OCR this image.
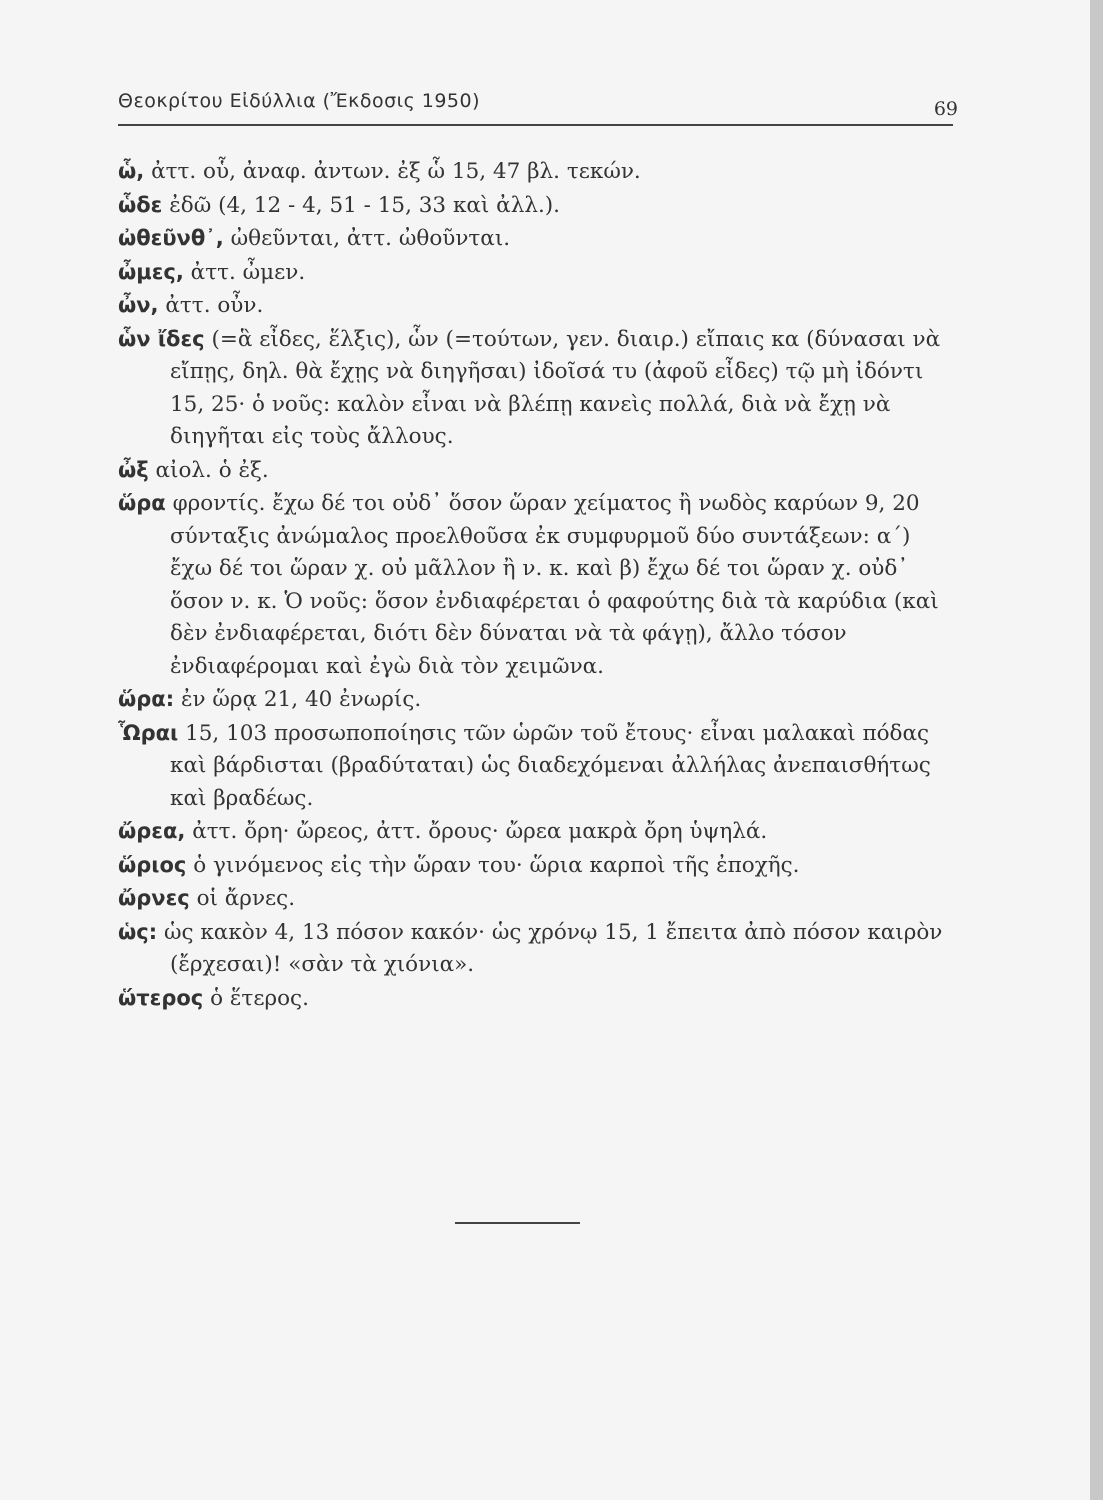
Θεοκρίτου Εἰδύλλια (Ἔκδοσις 1950)	69

ὧ, ἀττ. οὗ, ἀναφ. ἀντων. ἐξ ὧ 15, 47 βλ. τεκών.

ὧδε ἐδῶ (4, 12 - 4, 51 - 15, 33 καὶ ἀλλ.).

ὠθεῦνθ᾽, ὠθεῦνται, ἀττ. ὠθοῦνται.

ὦμες, ἀττ. ὦμεν.

ὦν, ἀττ. οὖν.

ὧν ἴδες (=ἃ εἶδες, ἕλξις), ὧν (=τούτων, γεν. διαιρ.) εἴπαις κα (δύνασαι νὰ εἴπῃς, δηλ. θὰ ἔχῃς νὰ διηγῆσαι) ἰδοῖσά τυ (ἀφοῦ εἶδες) τῷ μὴ ἰδόντι 15, 25· ὁ νοῦς: καλὸν εἶναι νὰ βλέπῃ κανεὶς πολλά, διὰ νὰ ἔχῃ νὰ διηγῆται εἰς τοὺς ἄλλους.

ὦξ αἰολ. ὁ ἐξ.

ὥρα φροντίς. ἔχω δέ τοι οὐδ᾽ ὅσον ὥραν χείματος ἢ νωδὸς καρύων 9, 20 σύνταξις ἀνώμαλος προελθοῦσα ἐκ συμφυρμοῦ δύο συντάξεων: α´) ἔχω δέ τοι ὥραν χ. οὐ μᾶλλον ἢ ν. κ. καὶ β) ἔχω δέ τοι ὥραν χ. οὐδ᾽ ὅσον ν. κ. Ὁ νοῦς: ὅσον ἐνδιαφέρεται ὁ φαφούτης διὰ τὰ καρύδια (καὶ δὲν ἐνδιαφέρεται, διότι δὲν δύναται νὰ τὰ φάγῃ), ἄλλο τόσον ἐνδιαφέρομαι καὶ ἐγὼ διὰ τὸν χειμῶνα.

ὥρα: ἐν ὥρᾳ 21, 40 ἐνωρίς.

Ὧραι 15, 103 προσωποποίησις τῶν ὡρῶν τοῦ ἔτους· εἶναι μαλακαὶ πόδας καὶ βάρδισται (βραδύταται) ὡς διαδεχόμεναι ἀλλήλας ἀνεπαισθήτως καὶ βραδέως.

ὤρεα, ἀττ. ὄρη· ὤρεος, ἀττ. ὄρους· ὤρεα μακρὰ ὄρη ὑψηλά.

ὥριος ὁ γινόμενος εἰς τὴν ὥραν του· ὥρια καρποὶ τῆς ἐποχῆς.

ὤρνες οἱ ἄρνες.

ὡς: ὡς κακὸν 4, 13 πόσον κακόν· ὡς χρόνῳ 15, 1 ἔπειτα ἀπὸ πόσον καιρὸν (ἔρχεσαι)! «σὰν τὰ χιόνια».

ὥτερος ὁ ἕτερος.
